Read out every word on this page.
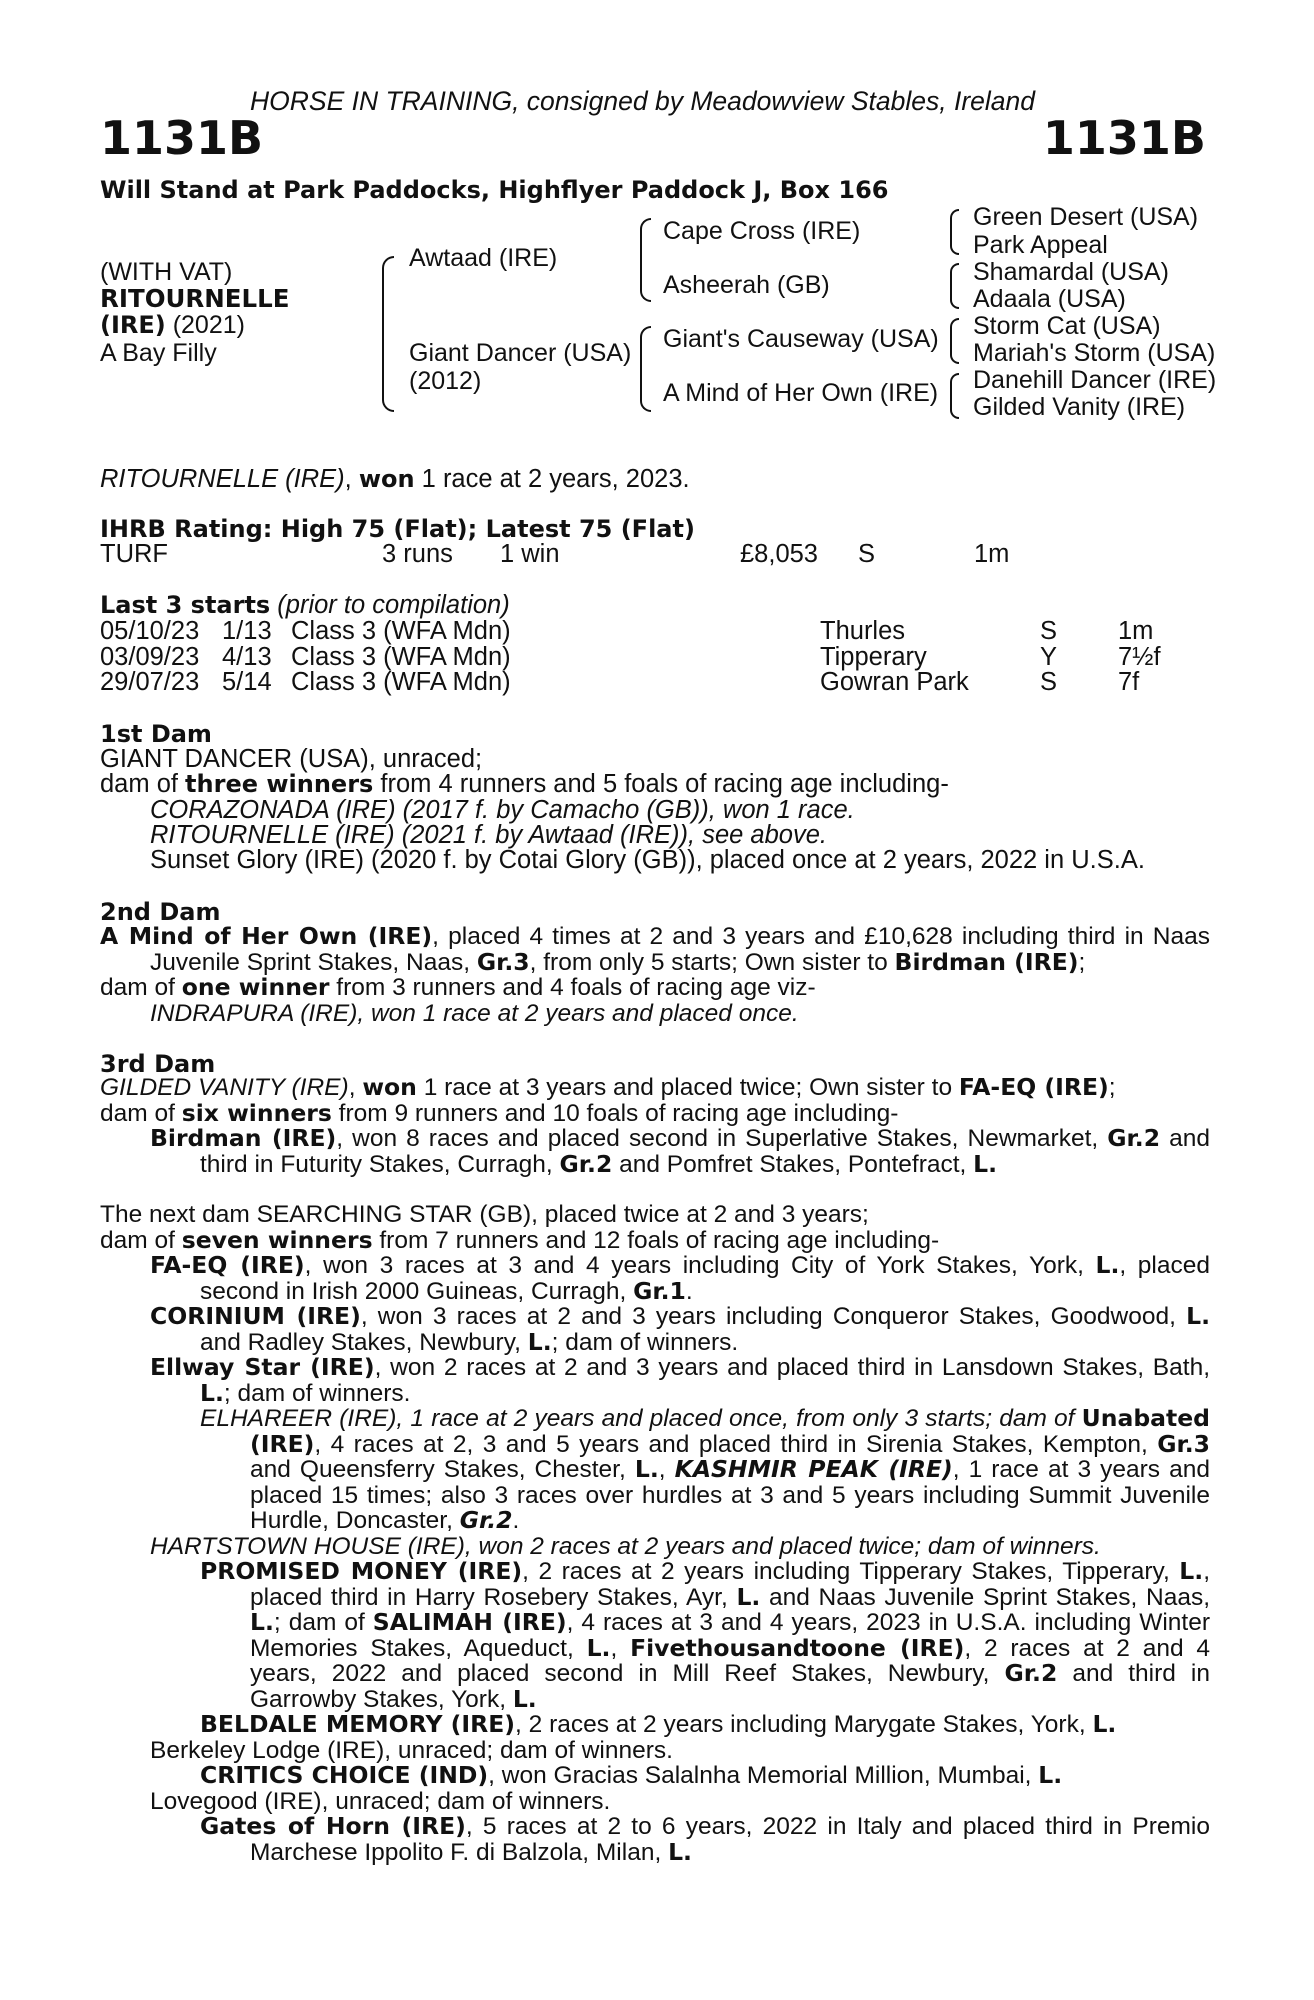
HORSE IN TRAINING, consigned by Meadowview Stables, Ireland
1131B	1131B
Will Stand at Park Paddocks, Highflyer Paddock J, Box 166
(WITH VAT)
RITOURNELLE
(IRE) (2021)
A Bay Filly
Awtaad (IRE)
Giant Dancer (USA)
(2012)
Cape Cross (IRE)
Asheerah (GB)
Giant's Causeway (USA)
A Mind of Her Own (IRE)
Green Desert (USA)
Park Appeal
Shamardal (USA)
Adaala (USA)
Storm Cat (USA)
Mariah's Storm (USA)
Danehill Dancer (IRE)
Gilded Vanity (IRE)
RITOURNELLE (IRE), won 1 race at 2 years, 2023.
IHRB Rating: High 75 (Flat); Latest 75 (Flat)
TURF	3 runs 1 win	£8,053 S	1m
Last 3 starts (prior to compilation)
05/10/23 1/13 Class 3 (WFA Mdn)	Thurles	S 1m
03/09/23 4/13 Class 3 (WFA Mdn)	Tipperary	Y 7½f
29/07/23 5/14 Class 3 (WFA Mdn)	Gowran Park	S 7f
1st Dam
GIANT DANCER (USA), unraced;
dam of three winners from 4 runners and 5 foals of racing age including-
CORAZONADA (IRE) (2017 f. by Camacho (GB)), won 1 race.
RITOURNELLE (IRE) (2021 f. by Awtaad (IRE)), see above.
Sunset Glory (IRE) (2020 f. by Cotai Glory (GB)), placed once at 2 years, 2022 in U.S.A.
2nd Dam
A Mind of Her Own (IRE), placed 4 times at 2 and 3 years and £10,628 including third in Naas Juvenile Sprint Stakes, Naas, Gr.3, from only 5 starts; Own sister to Birdman (IRE);
dam of one winner from 3 runners and 4 foals of racing age viz-
INDRAPURA (IRE), won 1 race at 2 years and placed once.
3rd Dam
GILDED VANITY (IRE), won 1 race at 3 years and placed twice; Own sister to FA-EQ (IRE);
dam of six winners from 9 runners and 10 foals of racing age including-
Birdman (IRE), won 8 races and placed second in Superlative Stakes, Newmarket, Gr.2 and third in Futurity Stakes, Curragh, Gr.2 and Pomfret Stakes, Pontefract, L.
The next dam SEARCHING STAR (GB), placed twice at 2 and 3 years;
dam of seven winners from 7 runners and 12 foals of racing age including-
FA-EQ (IRE), won 3 races at 3 and 4 years including City of York Stakes, York, L., placed second in Irish 2000 Guineas, Curragh, Gr.1.
CORINIUM (IRE), won 3 races at 2 and 3 years including Conqueror Stakes, Goodwood, L. and Radley Stakes, Newbury, L.; dam of winners.
Ellway Star (IRE), won 2 races at 2 and 3 years and placed third in Lansdown Stakes, Bath, L.; dam of winners.
ELHAREER (IRE), 1 race at 2 years and placed once, from only 3 starts; dam of Unabated (IRE), 4 races at 2, 3 and 5 years and placed third in Sirenia Stakes, Kempton, Gr.3 and Queensferry Stakes, Chester, L., KASHMIR PEAK (IRE), 1 race at 3 years and placed 15 times; also 3 races over hurdles at 3 and 5 years including Summit Juvenile Hurdle, Doncaster, Gr.2.
HARTSTOWN HOUSE (IRE), won 2 races at 2 years and placed twice; dam of winners.
PROMISED MONEY (IRE), 2 races at 2 years including Tipperary Stakes, Tipperary, L., placed third in Harry Rosebery Stakes, Ayr, L. and Naas Juvenile Sprint Stakes, Naas, L.; dam of SALIMAH (IRE), 4 races at 3 and 4 years, 2023 in U.S.A. including Winter Memories Stakes, Aqueduct, L., Fivethousandtoone (IRE), 2 races at 2 and 4 years, 2022 and placed second in Mill Reef Stakes, Newbury, Gr.2 and third in Garrowby Stakes, York, L.
BELDALE MEMORY (IRE), 2 races at 2 years including Marygate Stakes, York, L.
Berkeley Lodge (IRE), unraced; dam of winners.
CRITICS CHOICE (IND), won Gracias Salalnha Memorial Million, Mumbai, L.
Lovegood (IRE), unraced; dam of winners.
Gates of Horn (IRE), 5 races at 2 to 6 years, 2022 in Italy and placed third in Premio Marchese Ippolito F. di Balzola, Milan, L.
